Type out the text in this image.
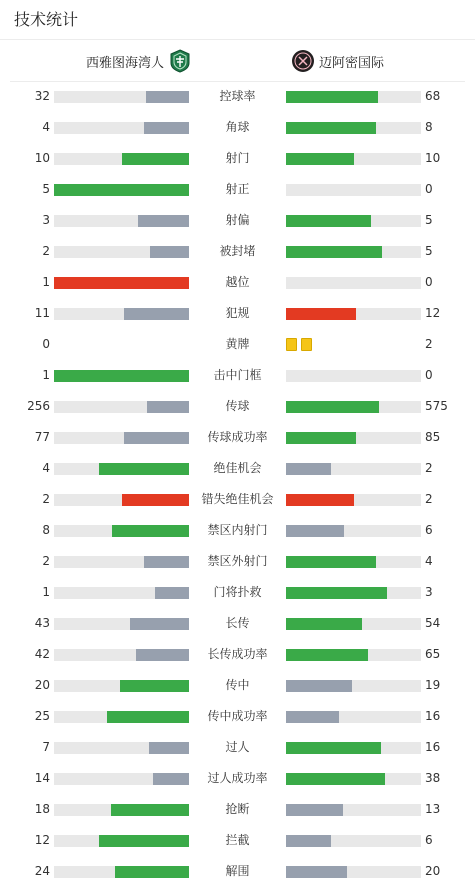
技术统计
西雅图海湾人	迈阿密国际
32	控球率	68
4	角球	8
10	射门	10
5	射正	0
3	射偏	5
2	被封堵	5
1	越位	0
11	犯规	12
0	黄牌	2
1	击中门框	0
256	传球	575
77	传球成功率	85
4	绝佳机会	2
2	错失绝佳机会	2
8	禁区内射门	6
2	禁区外射门	4
1	门将扑救	3
43	长传	54
42	长传成功率	65
20	传中	19
25	传中成功率	16
7	过人	16
14	过人成功率	38
18	抢断	13
12	拦截	6
24	解围	20
